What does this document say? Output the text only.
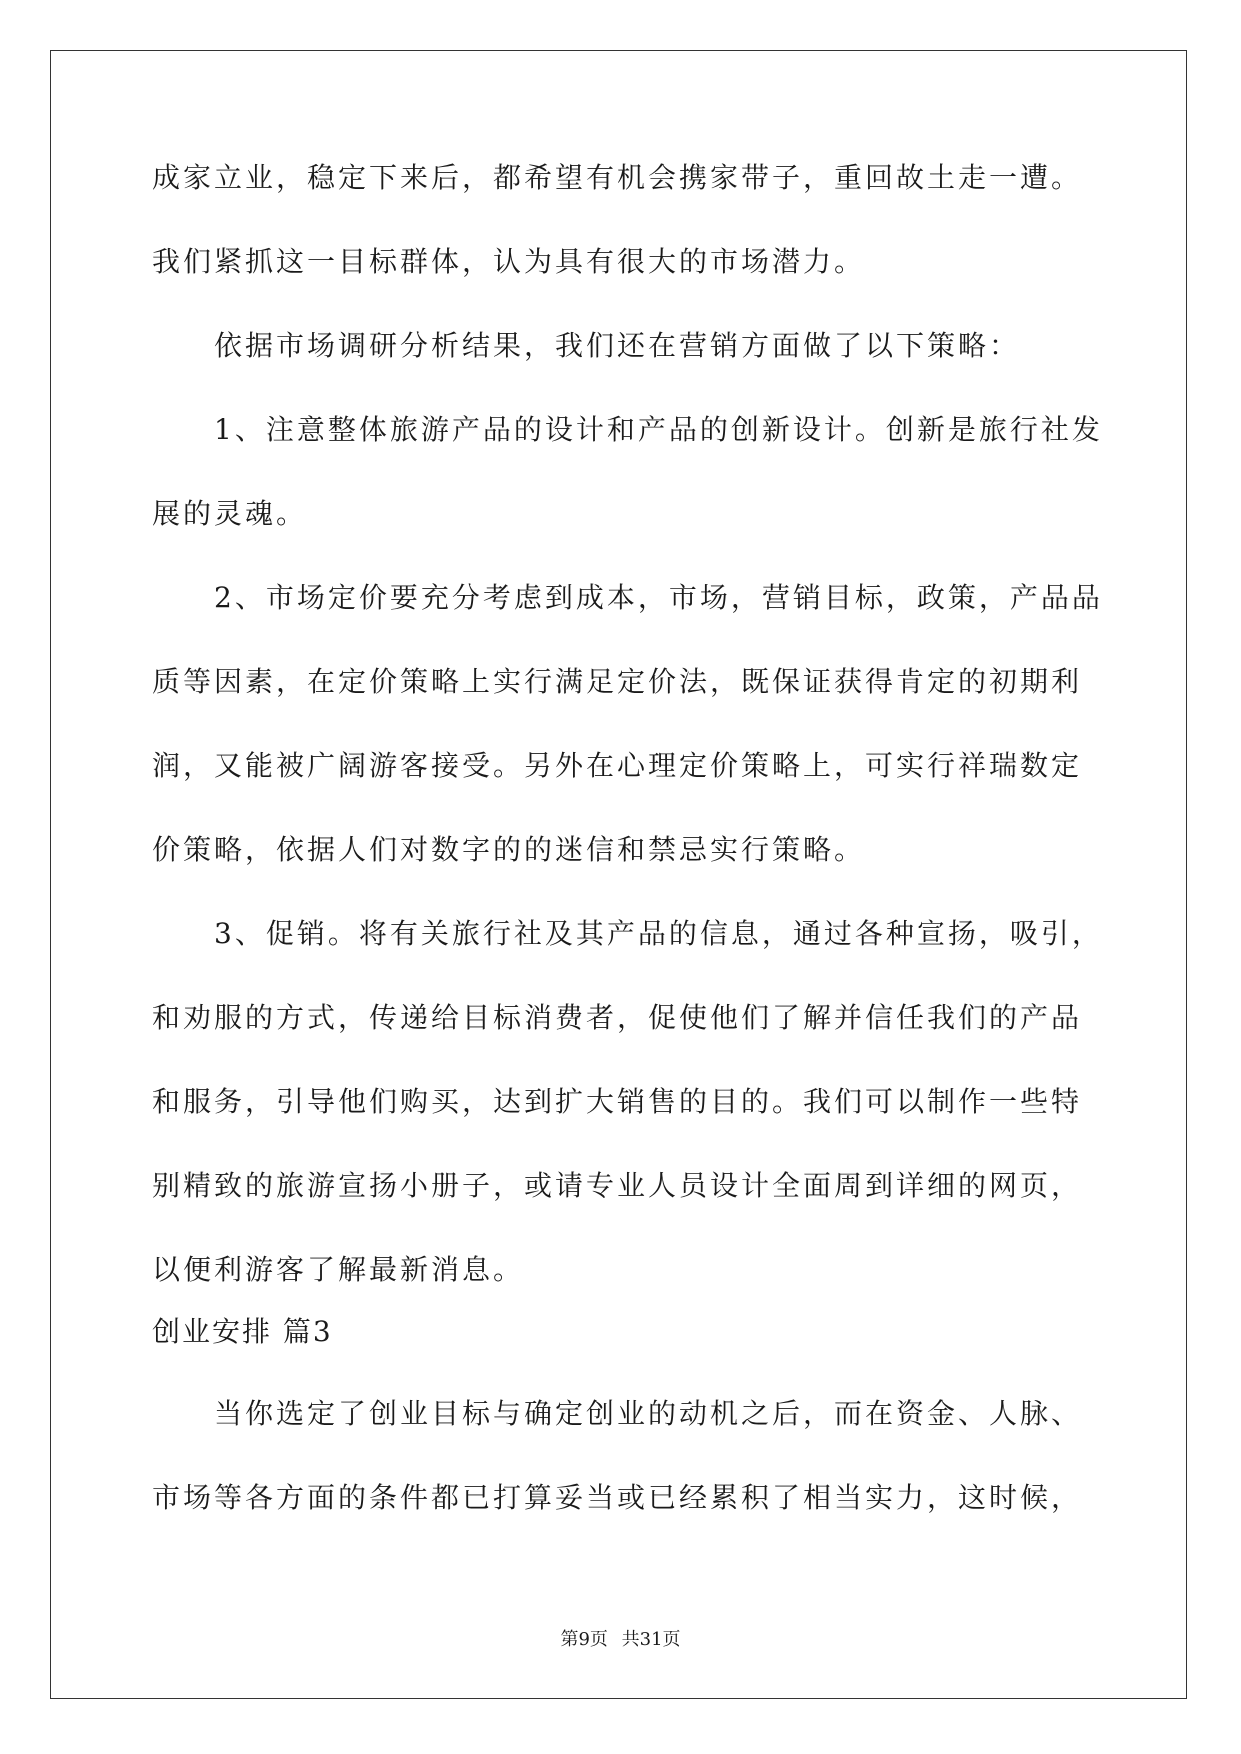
成家立业，稳定下来后，都希望有机会携家带子，重回故土走一遭。
我们紧抓这一目标群体，认为具有很大的市场潜力。
依据市场调研分析结果，我们还在营销方面做了以下策略：
1、注意整体旅游产品的设计和产品的创新设计。创新是旅行社发
展的灵魂。
2、市场定价要充分考虑到成本，市场，营销目标，政策，产品品
质等因素，在定价策略上实行满足定价法，既保证获得肯定的初期利
润，又能被广阔游客接受。另外在心理定价策略上，可实行祥瑞数定
价策略，依据人们对数字的的迷信和禁忌实行策略。
3、促销。将有关旅行社及其产品的信息，通过各种宣扬，吸引，
和劝服的方式，传递给目标消费者，促使他们了解并信任我们的产品
和服务，引导他们购买，达到扩大销售的目的。我们可以制作一些特
别精致的旅游宣扬小册子，或请专业人员设计全面周到详细的网页，
以便利游客了解最新消息。
创业安排 篇3
当你选定了创业目标与确定创业的动机之后，而在资金、人脉、
市场等各方面的条件都已打算妥当或已经累积了相当实力，这时候，
第9页 共31页
